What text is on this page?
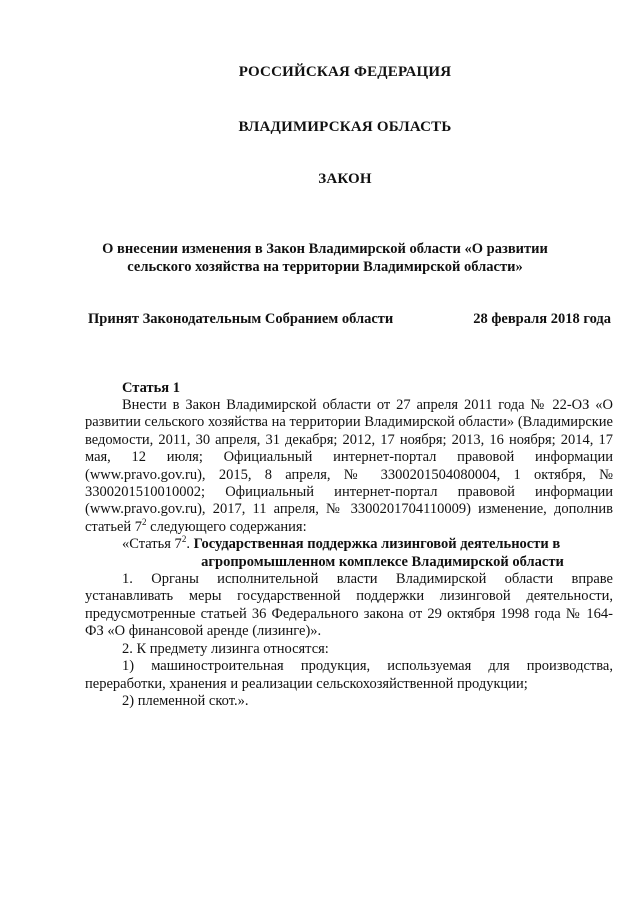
РОССИЙСКАЯ ФЕДЕРАЦИЯ
ВЛАДИМИРСКАЯ ОБЛАСТЬ
ЗАКОН
О внесении изменения в Закон Владимирской области «О развитии
сельского хозяйства на территории Владимирской области»
Принят Законодательным Собранием области	28 февраля 2018 года
Статья 1

Внести в Закон Владимирской области от 27 апреля 2011 года № 22-ОЗ «О развитии сельского хозяйства на территории Владимирской области» (Владимирские ведомости, 2011, 30 апреля, 31 декабря; 2012, 17 ноября; 2013, 16 ноября; 2014, 17 мая, 12 июля; Официальный интернет-портал правовой информации (www.pravo.gov.ru), 2015, 8 апреля, № 3300201504080004, 1 октября, № 3300201510010002; Официальный интернет-портал правовой информации (www.pravo.gov.ru), 2017, 11 апреля, № 3300201704110009) изменение, дополнив статьей $7^2$ следующего содержания:

«Статья $7^2$. Государственная поддержка лизинговой деятельности в

агропромышленном комплексе Владимирской области

1. Органы исполнительной власти Владимирской области вправе устанавливать меры государственной поддержки лизинговой деятельности, предусмотренные статьей 36 Федерального закона от 29 октября 1998 года № 164-ФЗ «О финансовой аренде (лизинге)».

2. К предмету лизинга относятся:

1) машиностроительная продукция, используемая для производства, переработки, хранения и реализации сельскохозяйственной продукции;

2) племенной скот.».
